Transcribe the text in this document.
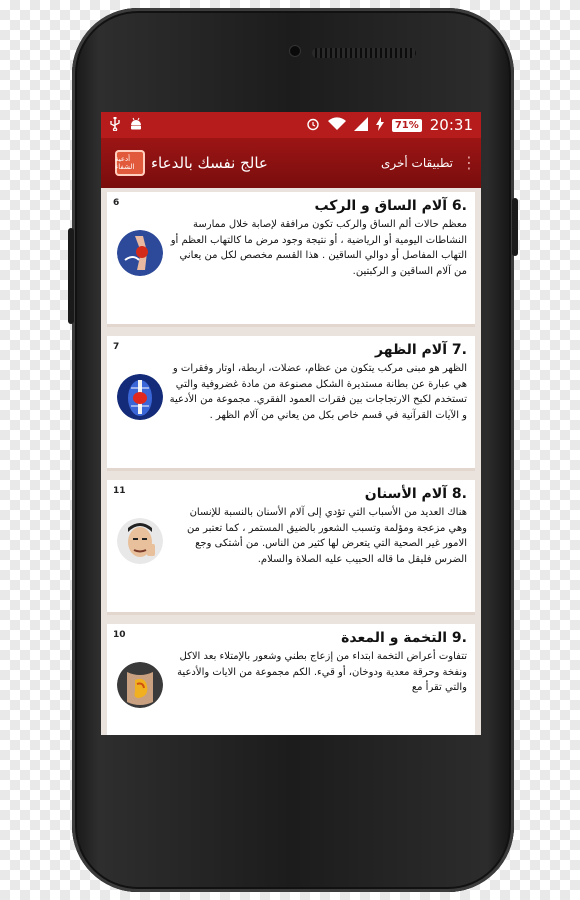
71% 20:31
أدعية الشفاء	عالج نفسك بالدعاء	تطبيقات أخرى ⋮
6	.6 آلام الساق و الركب
معظم حالات ألم الساق والركب تكون مرافقة لإصابة خلال ممارسة النشاطات اليومية أو الرياضية ، أو نتيجة وجود مرض ما كالتهاب العظم أو التهاب المفاصل أو دوالي الساقين . هذا القسم مخصص لكل من يعاني من آلام الساقين و الركبتين.
7	.7 آلام الظهر
الظهر هو مبنى مركب يتكون من عظام، عضلات، اربطة، اوتار وفقرات و هي عبارة عن بطانة مستديرة الشكل مصنوعة من مادة غضروفية والتي تستخدم لكبح الارتجاجات بين فقرات العمود الفقري. مجموعة من الأدعية و الآيات القرآنية في قسم خاص بكل من يعاني من آلام الظهر .
11	.8 آلام الأسنان
هناك العديد من الأسباب التي تؤدي إلى آلام الأسنان بالنسبة للإنسان وهي مزعجة ومؤلمة وتسبب الشعور بالضيق المستمر ، كما تعتبر من الامور غير الصحية التي يتعرض لها كثير من الناس. من أشتكى وجع الضرس فليقل ما قاله الحبيب عليه الصلاة والسلام.
10	.9 التخمة و المعدة
تتفاوت أعراض التخمة ابتداء من إزعاج بطني وشعور بالإمتلاء بعد الاكل ونفخة وحرقة معدية ودوخان، أو قيء. الكم مجموعة من الايات والأدعية والتي تقرأ مع
